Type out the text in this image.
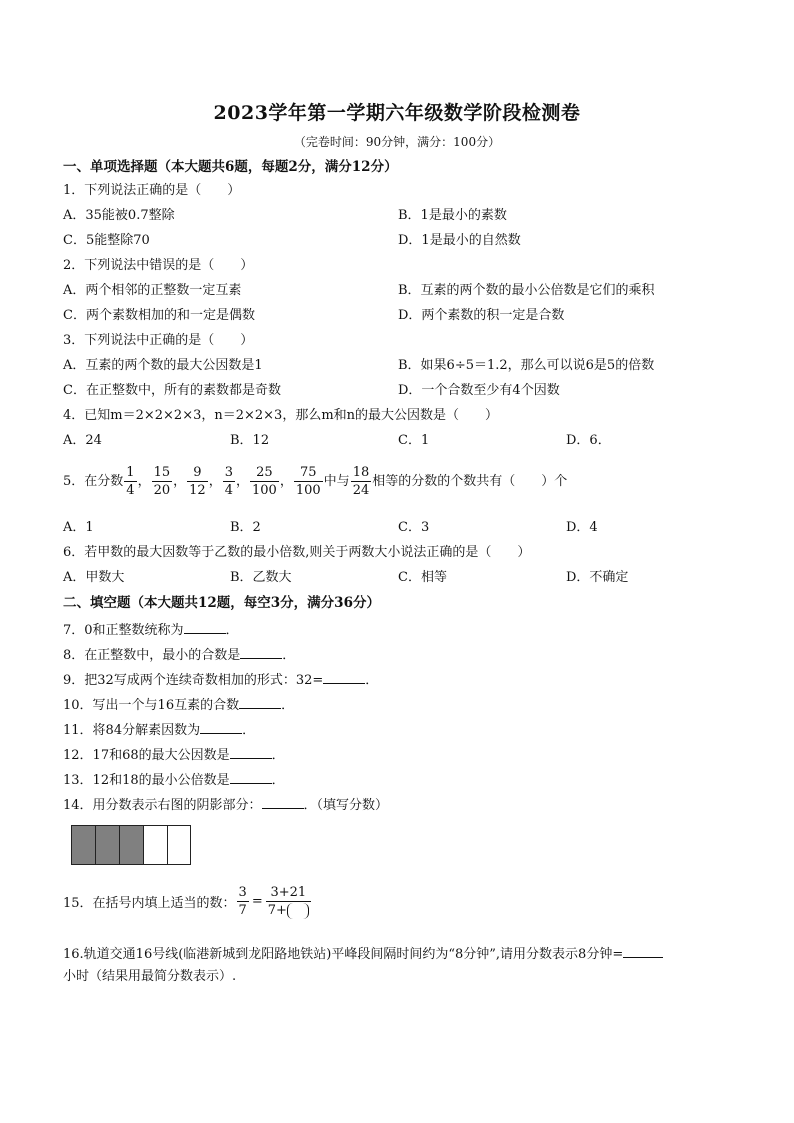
2023学年第一学期六年级数学阶段检测卷
（完卷时间：90分钟，满分：100分）
一、单项选择题（本大题共6题，每题2分，满分12分）
1．下列说法正确的是（　　）
A．35能被0.7整除	B．1是最小的素数
C．5能整除70	D．1是最小的自然数
2．下列说法中错误的是（　　）
A．两个相邻的正整数一定互素	B．互素的两个数的最小公倍数是它们的乘积
C．两个素数相加的和一定是偶数	D．两个素数的积一定是合数
3．下列说法中正确的是（　　）
A．互素的两个数的最大公因数是1	B．如果6÷5＝1.2，那么可以说6是5的倍数
C．在正整数中，所有的素数都是奇数	D．一个合数至少有4个因数
4．已知m＝2×2×2×3，n＝2×2×3，那么m和n的最大公因数是（　　）
A．24	B．12	C．1	D．6．
5．在分数 $\frac{1}{4}$ ， $\frac{15}{20}$ ， $\frac{9}{12}$ ， $\frac{3}{4}$ ， $\frac{25}{100}$ ， $\frac{75}{100}$ 中与 $\frac{18}{24}$ 相等的分数的个数共有（　　）个
A．1	B．2	C．3	D．4
6．若甲数的最大因数等于乙数的最小倍数,则关于两数大小说法正确的是（　　）
A．甲数大	B．乙数大	C．相等	D．不确定
二、填空题（本大题共12题，每空3分，满分36分）
7．0和正整数统称为	．
8．在正整数中，最小的合数是	．
9．把32写成两个连续奇数相加的形式：32=	．
10．写出一个与16互素的合数	．
11．将84分解素因数为	．
12．17和68的最大公因数是	．
13．12和18的最小公倍数是	．
14．用分数表示右图的阴影部分：	．（填写分数）
15．在括号内填上适当的数： $\frac{3}{7} = \frac{3+21}{7+}$
16.轨道交通16号线(临港新城到龙阳路地铁站)平峰段间隔时间约为“8分钟”,请用分数表示8分钟=
小时（结果用最简分数表示）.
